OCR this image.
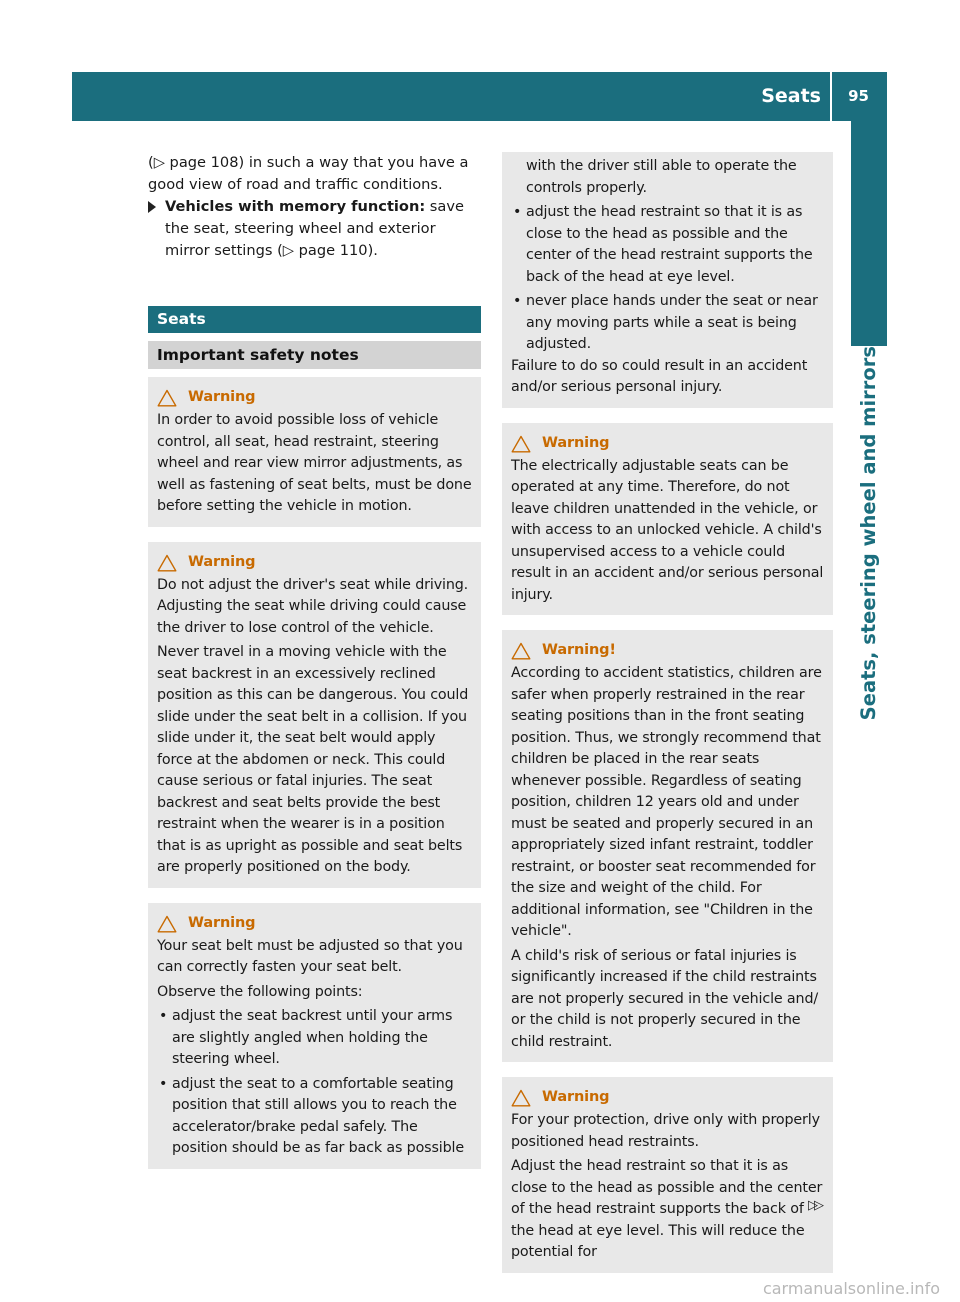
Seats 95
Seats, steering wheel and mirrors

(▷ page 108) in such a way that you have a good view of road and traffic conditions.

Vehicles with memory function: save the seat, steering wheel and exterior mirror settings (▷ page 110).
Seats
Important safety notes
Warning

In order to avoid possible loss of vehicle control, all seat, head restraint, steering wheel and rear view mirror adjustments, as well as fastening of seat belts, must be done before setting the vehicle in motion.

Warning

Do not adjust the driver's seat while driving. Adjusting the seat while driving could cause the driver to lose control of the vehicle.

Never travel in a moving vehicle with the seat backrest in an excessively reclined position as this can be dangerous. You could slide under the seat belt in a collision. If you slide under it, the seat belt would apply force at the abdomen or neck. This could cause serious or fatal injuries. The seat backrest and seat belts provide the best restraint when the wearer is in a position that is as upright as possible and seat belts are properly positioned on the body.

Warning

Your seat belt must be adjusted so that you can correctly fasten your seat belt.

Observe the following points:

• adjust the seat backrest until your arms are slightly angled when holding the steering wheel.
• adjust the seat to a comfortable seating position that still allows you to reach the accelerator/brake pedal safely. The position should be as far back as possible

with the driver still able to operate the controls properly.

• adjust the head restraint so that it is as close to the head as possible and the center of the head restraint supports the back of the head at eye level.
• never place hands under the seat or near any moving parts while a seat is being adjusted.

Failure to do so could result in an accident and/or serious personal injury.

Warning

The electrically adjustable seats can be operated at any time. Therefore, do not leave children unattended in the vehicle, or with access to an unlocked vehicle. A child's unsupervised access to a vehicle could result in an accident and/or serious personal injury.

Warning!

According to accident statistics, children are safer when properly restrained in the rear seating positions than in the front seating position. Thus, we strongly recommend that children be placed in the rear seats whenever possible. Regardless of seating position, children 12 years old and under must be seated and properly secured in an appropriately sized infant restraint, toddler restraint, or booster seat recommended for the size and weight of the child. For additional information, see "Children in the vehicle".

A child's risk of serious or fatal injuries is significantly increased if the child restraints are not properly secured in the vehicle and/ or the child is not properly secured in the child restraint.

Warning

For your protection, drive only with properly positioned head restraints.

Adjust the head restraint so that it is as close to the head as possible and the center of the head restraint supports the back of the head at eye level. This will reduce the potential for

▷▷
carmanualsonline.info
